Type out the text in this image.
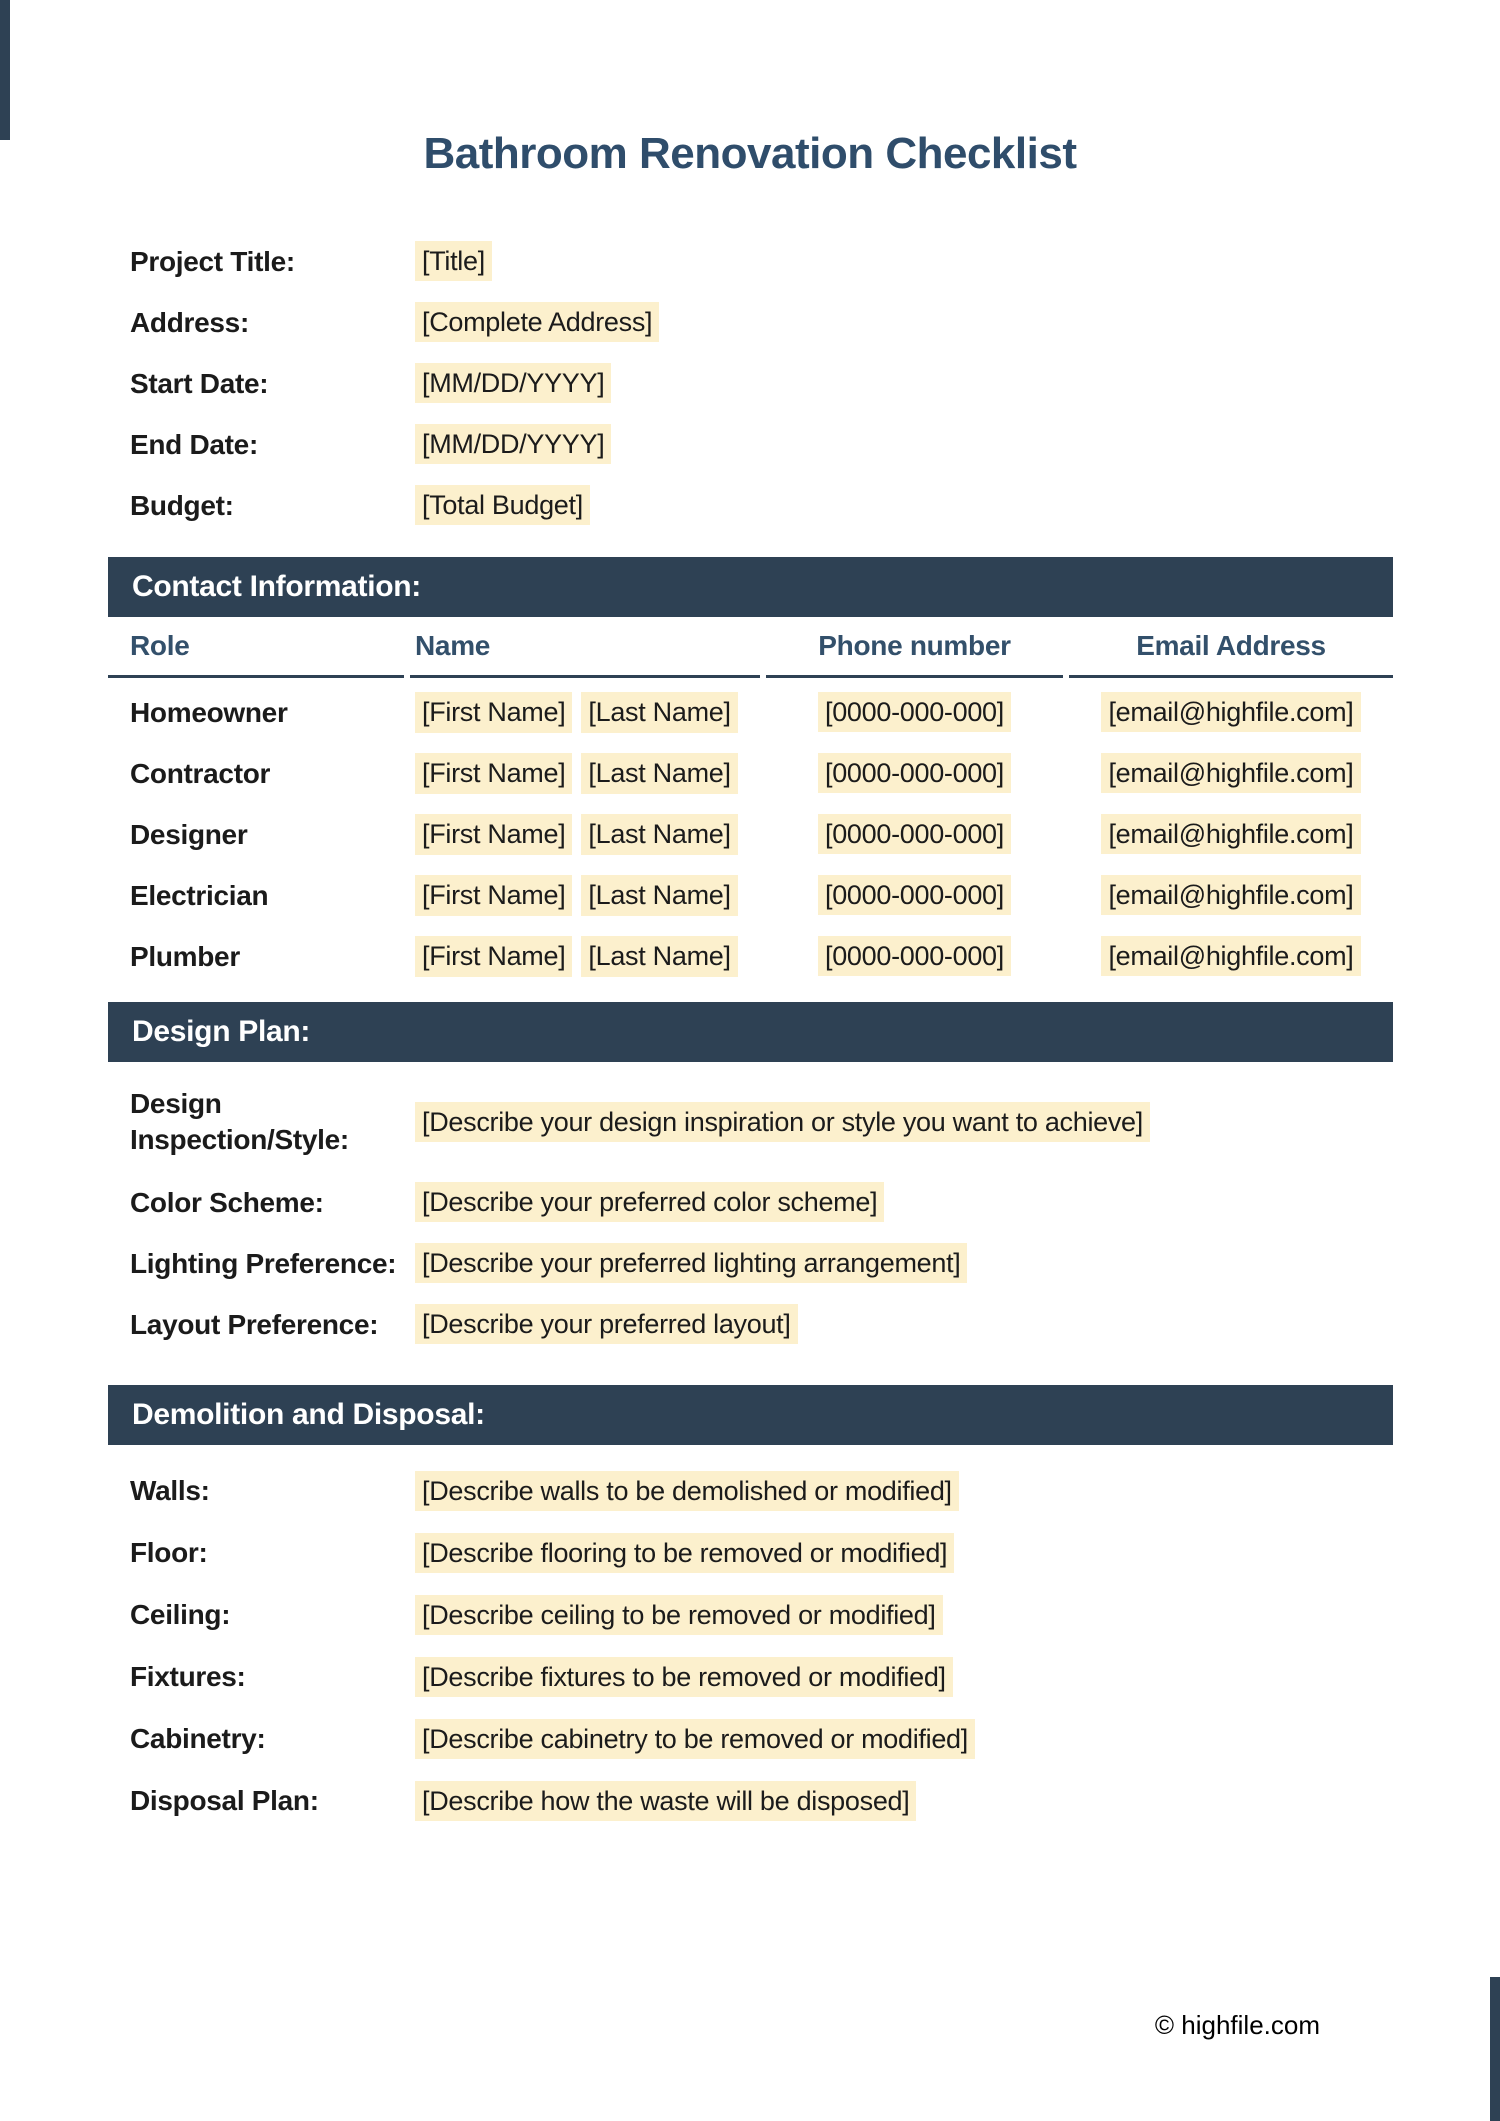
Bathroom Renovation Checklist
Project Title:	[Title]
Address:	[Complete Address]
Start Date:	[MM/DD/YYYY]
End Date:	[MM/DD/YYYY]
Budget:	[Total Budget]
Contact Information:
Role	Name	Phone number	Email Address
Homeowner	[First Name] [Last Name]	[0000-000-000]	[email@highfile.com]
Contractor	[First Name] [Last Name]	[0000-000-000]	[email@highfile.com]
Designer	[First Name] [Last Name]	[0000-000-000]	[email@highfile.com]
Electrician	[First Name] [Last Name]	[0000-000-000]	[email@highfile.com]
Plumber	[First Name] [Last Name]	[0000-000-000]	[email@highfile.com]
Design Plan:
Design Inspection/Style:
[Describe your design inspiration or style you want to achieve]
Color Scheme:	[Describe your preferred color scheme]
Lighting Preference: [Describe your preferred lighting arrangement]
Layout Preference:	[Describe your preferred layout]
Demolition and Disposal:
Walls:	[Describe walls to be demolished or modified]
Floor:	[Describe flooring to be removed or modified]
Ceiling:	[Describe ceiling to be removed or modified]
Fixtures:	[Describe fixtures to be removed or modified]
Cabinetry:	[Describe cabinetry to be removed or modified]
Disposal Plan:	[Describe how the waste will be disposed]
© highfile.com
